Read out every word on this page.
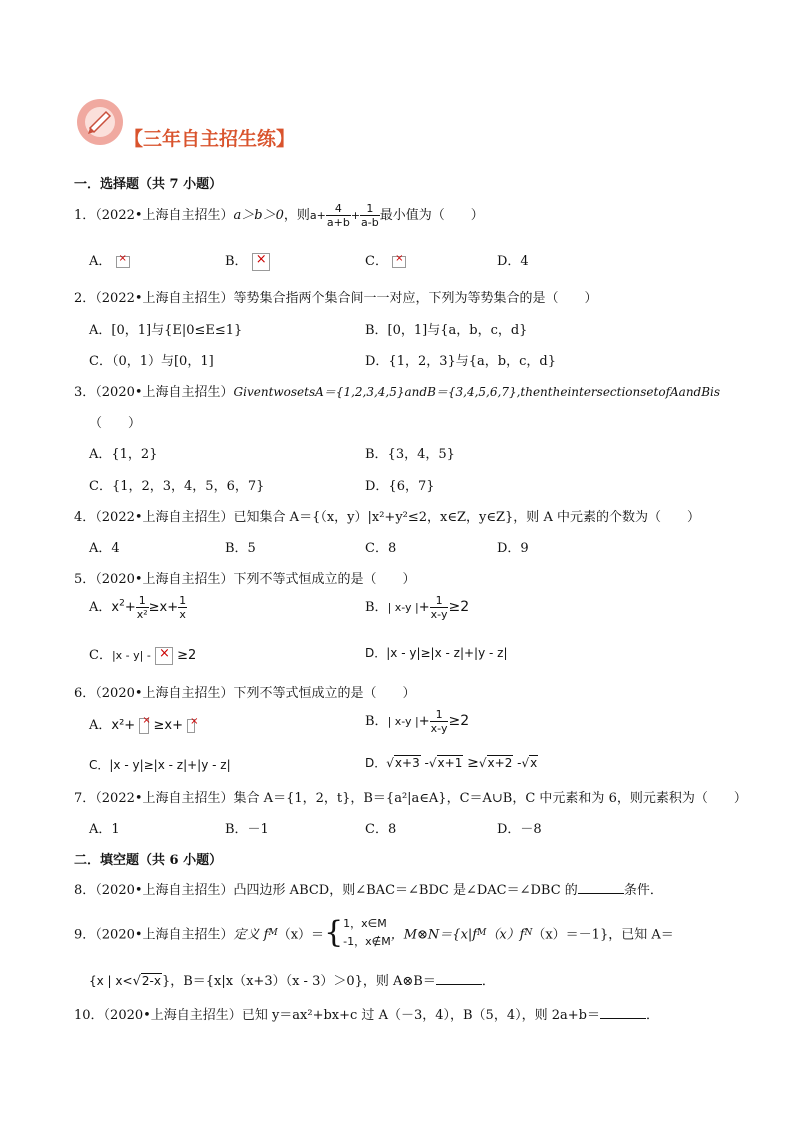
【三年自主招生练】
一．选择题（共 7 小题）
1．（2022•上海自主招生）a＞b＞0，则$a+ \frac{4}{a+b} + \frac{1}{a-b}$ 最小值为（　　）
A． ×	B． ×	C． ×	D．4
2．（2022•上海自主招生）等势集合指两个集合间一一对应，下列为等势集合的是（　　）
A．[0，1]与{E|0≤E≤1}	B．[0，1]与{a，b，c，d}
C．（0，1）与[0，1]	D．{1，2，3}与{a，b，c，d}
3．（2020•上海自主招生）GiventwosetsA＝{1,2,3,4,5}andB＝{3,4,5,6,7},thentheintersectionsetofAandBis
（　　）
A．{1，2}	B．{3，4，5}
C．{1，2，3，4，5，6，7}	D．{6，7}
4．（2022•上海自主招生）已知集合 A＝{（x，y）|x²+y²≤2，x∈Z，y∈Z}，则 A 中元素的个数为（　　）
A．4	B．5	C．8	D．9
5．（2020•上海自主招生）下列不等式恒成立的是（　　）
A．$x^2+ \frac{1}{\text{x²}} \ge x+ \frac{1}{x}$	B．| x-y |+ $\frac{1}{x-y} \ge 2$
C．|x - y| - × ≥2	D．|x - y|≥|x - z|+|y - z|
6．（2020•上海自主招生）下列不等式恒成立的是（　　）
A．x²+ × ≥x+ ×	B．| x-y |+ $\frac{1}{x-y} \ge 2$
C．|x - y|≥|x - z|+|y - z|	D．√x+3 -√x+1 ≥√x+2 -√x
7．（2022•上海自主招生）集合 A＝{1，2，t}，B＝{a²|a∈A}，C＝A∪B，C 中元素和为 6，则元素积为（　　）
A．1	B．－1	C．8	D．－8
二．填空题（共 6 小题）
8．（2020•上海自主招生）凸四边形 ABCD，则∠BAC＝∠BDC 是∠DAC＝∠DBC 的	条件．
9．（2020•上海自主招生）定义 fM（x）＝{ 1，x∈M
-1，x∉M ，M⊗N＝{x|fM（x）fN（x）＝－1}，已知 A＝
{x | x<√2-x}，B＝{x|x（x+3）（x - 3）＞0}，则 A⊗B＝	．
10．（2020•上海自主招生）已知 y＝ax²+bx+c 过 A（－3，4），B（5，4），则 2a+b＝	．
